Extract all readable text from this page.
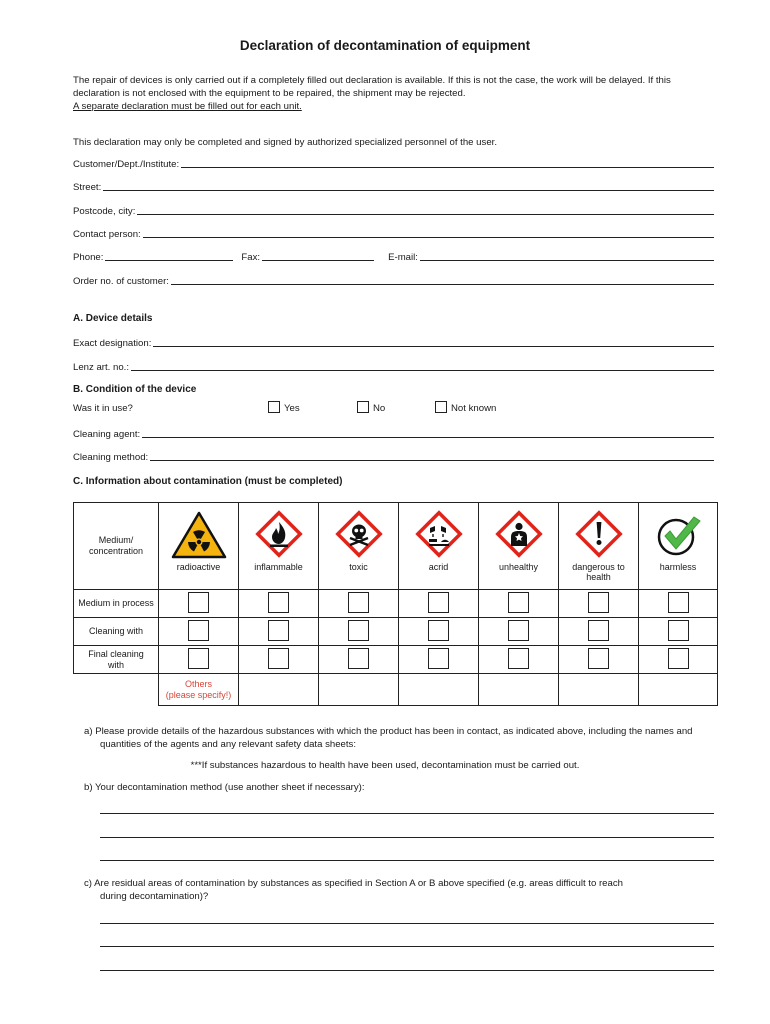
Declaration of decontamination of equipment
The repair of devices is only carried out if a completely filled out declaration is available. If this is not the case, the work will be delayed. If this
declaration is not enclosed with the equipment to be repaired, the shipment may be rejected.
A separate declaration must be filled out for each unit.
This declaration may only be completed and signed by authorized specialized personnel of the user.
Customer/Dept./Institute:
Street:
Postcode, city:
Contact person:
Phone:	Fax:	E-mail:
Order no. of customer:
A. Device details
Exact designation:
Lenz art. no.:
B. Condition of the device
Was it in use?	Yes	No	Not known
Cleaning agent:
Cleaning method:
C. Information about contamination (must be completed)
Medium/
concentration	radioactive	inflammable	toxic	acrid	unhealthy	dangerous to health	harmless

Medium in process							
Cleaning with							
Final cleaning with							

	Others
(please specify!)						

a) Please provide details of the hazardous substances with which the product has been in contact, as indicated above, including the names and
quantities of the agents and any relevant safety data sheets:
***If substances hazardous to health have been used, decontamination must be carried out.
b) Your decontamination method (use another sheet if necessary):
c) Are residual areas of contamination by substances as specified in Section A or B above specified (e.g. areas difficult to reach
during decontamination)?
